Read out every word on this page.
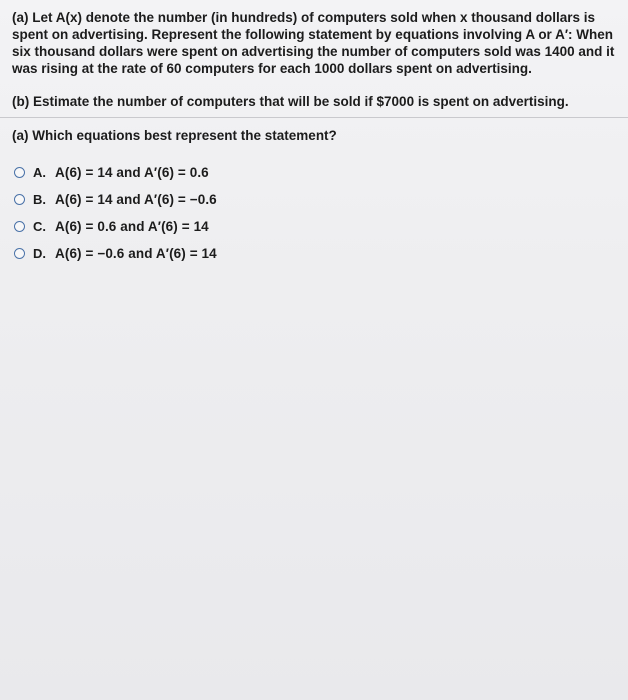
(a) Let A(x) denote the number (in hundreds) of computers sold when x thousand dollars is spent on advertising. Represent the following statement by equations involving A or A′: When six thousand dollars were spent on advertising the number of computers sold was 1400 and it was rising at the rate of 60 computers for each 1000 dollars spent on advertising.
(b) Estimate the number of computers that will be sold if $7000 is spent on advertising.
(a) Which equations best represent the statement?
A. A(6) = 14 and A′(6) = 0.6
B. A(6) = 14 and A′(6) = −0.6
C. A(6) = 0.6 and A′(6) = 14
D. A(6) = −0.6 and A′(6) = 14
